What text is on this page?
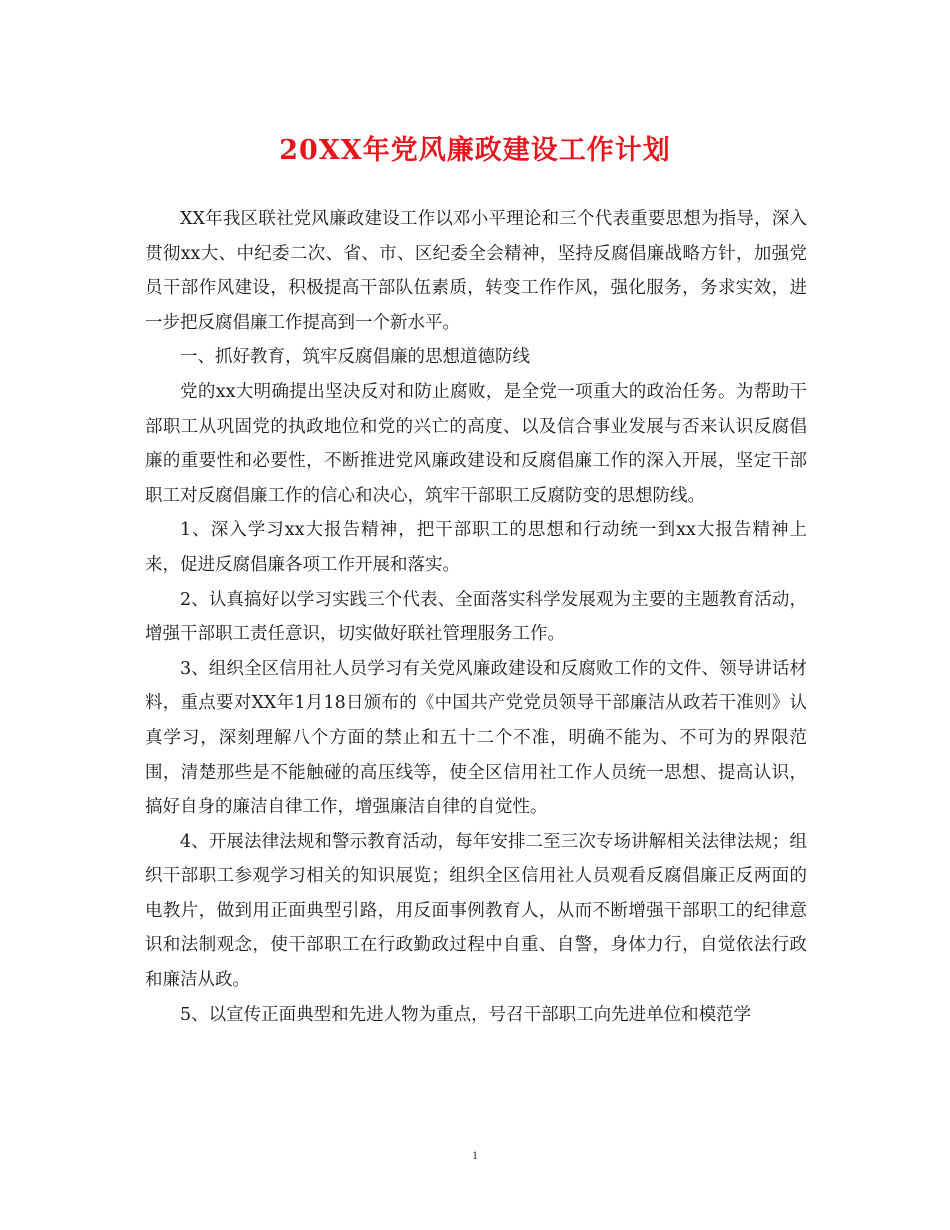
20XX年党风廉政建设工作计划

XX年我区联社党风廉政建设工作以邓小平理论和三个代表重要思想为指导，深入贯彻xx大、中纪委二次、省、市、区纪委全会精神，坚持反腐倡廉战略方针，加强党员干部作风建设，积极提高干部队伍素质，转变工作作风，强化服务，务求实效，进一步把反腐倡廉工作提高到一个新水平。

一、抓好教育，筑牢反腐倡廉的思想道德防线

党的xx大明确提出坚决反对和防止腐败，是全党一项重大的政治任务。为帮助干部职工从巩固党的执政地位和党的兴亡的高度、以及信合事业发展与否来认识反腐倡廉的重要性和必要性，不断推进党风廉政建设和反腐倡廉工作的深入开展，坚定干部职工对反腐倡廉工作的信心和决心，筑牢干部职工反腐防变的思想防线。

1、深入学习xx大报告精神，把干部职工的思想和行动统一到xx大报告精神上来，促进反腐倡廉各项工作开展和落实。

2、认真搞好以学习实践三个代表、全面落实科学发展观为主要的主题教育活动，增强干部职工责任意识，切实做好联社管理服务工作。

3、组织全区信用社人员学习有关党风廉政建设和反腐败工作的文件、领导讲话材料，重点要对XX年1月18日颁布的《中国共产党党员领导干部廉洁从政若干准则》认真学习，深刻理解八个方面的禁止和五十二个不准，明确不能为、不可为的界限范围，清楚那些是不能触碰的高压线等，使全区信用社工作人员统一思想、提高认识，搞好自身的廉洁自律工作，增强廉洁自律的自觉性。

4、开展法律法规和警示教育活动，每年安排二至三次专场讲解相关法律法规；组织干部职工参观学习相关的知识展览；组织全区信用社人员观看反腐倡廉正反两面的电教片，做到用正面典型引路，用反面事例教育人，从而不断增强干部职工的纪律意识和法制观念，使干部职工在行政勤政过程中自重、自警，身体力行，自觉依法行政和廉洁从政。

5、以宣传正面典型和先进人物为重点，号召干部职工向先进单位和模范学

1
